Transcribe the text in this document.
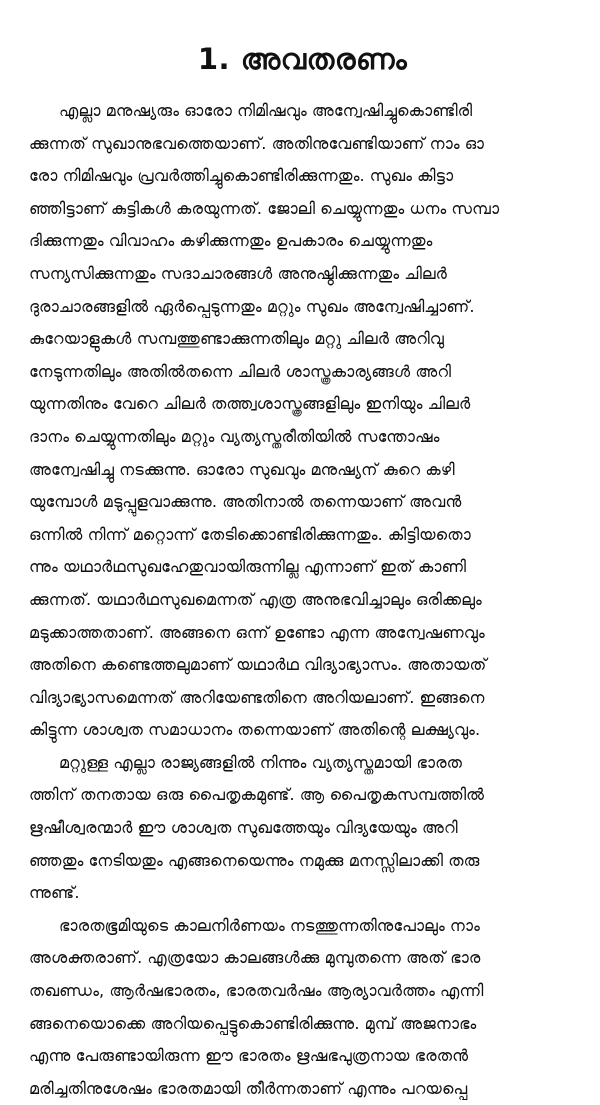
1. അവതരണം
എല്ലാ മനുഷ്യരും ഓരോ നിമിഷവും അന്വേഷിച്ചുകൊണ്ടിരി
ക്കുന്നത് സുഖാനുഭവത്തെയാണ്. അതിനുവേണ്ടിയാണ് നാം ഓ
രോ നിമിഷവും പ്രവർത്തിച്ചുകൊണ്ടിരിക്കുന്നതും. സുഖം കിട്ടാ
ഞ്ഞിട്ടാണ് കുട്ടികൾ കരയുന്നത്. ജോലി ചെയ്യുന്നതും ധനം സമ്പാ
ദിക്കുന്നതും വിവാഹം കഴിക്കുന്നതും ഉപകാരം ചെയ്യുന്നതും
സന്യസിക്കുന്നതും സദാചാരങ്ങൾ അനുഷ്ഠിക്കുന്നതും ചിലർ
ദുരാചാരങ്ങളിൽ ഏർപ്പെടുന്നതും മറ്റും സുഖം അന്വേഷിച്ചാണ്.
കുറേയാളുകൾ സമ്പത്തുണ്ടാക്കുന്നതിലും മറ്റു ചിലർ അറിവു
നേടുന്നതിലും അതിൽതന്നെ ചിലർ ശാസ്ത്രകാര്യങ്ങൾ അറി
യുന്നതിനും വേറെ ചിലർ തത്ത്വശാസ്ത്രങ്ങളിലും ഇനിയും ചിലർ
ദാനം ചെയ്യുന്നതിലും മറ്റും വ്യത്യസ്തരീതിയിൽ സന്തോഷം
അന്വേഷിച്ചു നടക്കുന്നു. ഓരോ സുഖവും മനുഷ്യന് കുറെ കഴി
യുമ്പോൾ മടുപ്പുളവാക്കുന്നു. അതിനാൽ തന്നെയാണ് അവൻ
ഒന്നിൽ നിന്ന് മറ്റൊന്ന് തേടിക്കൊണ്ടിരിക്കുന്നതും. കിട്ടിയതൊ
ന്നും യഥാർഥസുഖഹേതുവായിരുന്നില്ല എന്നാണ് ഇത് കാണി
ക്കുന്നത്. യഥാർഥസുഖമെന്നത് എത്ര അനുഭവിച്ചാലും ഒരിക്കലും
മടുക്കാത്തതാണ്. അങ്ങനെ ഒന്ന് ഉണ്ടോ എന്ന അന്വേഷണവും
അതിനെ കണ്ടെത്തലുമാണ് യഥാർഥ വിദ്യാഭ്യാസം. അതായത്
വിദ്യാഭ്യാസമെന്നത് അറിയേണ്ടതിനെ അറിയലാണ്. ഇങ്ങനെ
കിട്ടുന്ന ശാശ്വത സമാധാനം തന്നെയാണ് അതിന്റെ ലക്ഷ്യവും.
മറ്റുള്ള എല്ലാ രാജ്യങ്ങളിൽ നിന്നും വ്യത്യസ്തമായി ഭാരത
ത്തിന് തനതായ ഒരു പൈതൃകമുണ്ട്. ആ പൈതൃകസമ്പത്തിൽ
ഋഷീശ്വരന്മാർ ഈ ശാശ്വത സുഖത്തേയും വിദ്യയേയും അറി
ഞ്ഞതും നേടിയതും എങ്ങനെയെന്നും നമുക്കു മനസ്സിലാക്കി തരു
ന്നുണ്ട്.
ഭാരതഭൂമിയുടെ കാലനിർണയം നടത്തുന്നതിനുപോലും നാം
അശക്തരാണ്. എത്രയോ കാലങ്ങൾക്കു മുമ്പുതന്നെ അത് ഭാര
തഖണ്ഡം, ആർഷഭാരതം, ഭാരതവർഷം ആര്യാവർത്തം എന്നി
ങ്ങനെയൊക്കെ അറിയപ്പെട്ടുകൊണ്ടിരിക്കുന്നു. മുമ്പ് അജനാഭം
എന്നു പേരുണ്ടായിരുന്ന ഈ ഭാരതം ഋഷഭപുത്രനായ ഭരതൻ
മരിച്ചതിനുശേഷം ഭാരതമായി തീർന്നതാണ് എന്നും പറയപ്പെ
